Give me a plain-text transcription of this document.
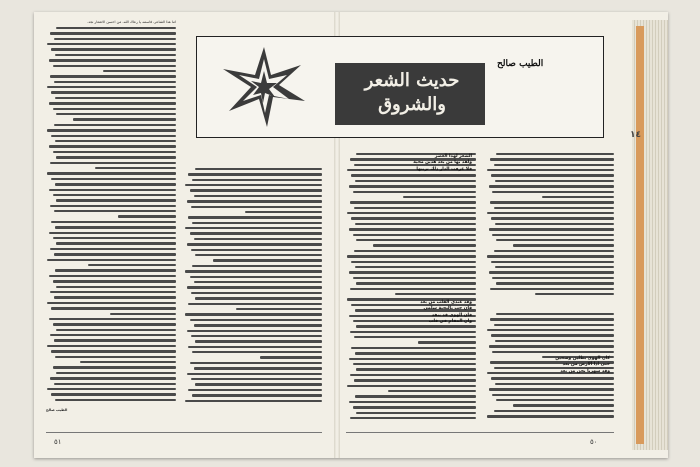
١٤
اما هذا الشاعر، فاسمه يا رعاك الله، من احسن الاشعار نجد.
الطيب صالح
٥١
الشعر لهذا العصر
ولقد بها من بعد هذين محبة
فلا عرفت الدار ذلك تربتها
وقد عندي القلب من بعد
فان حب بالتحية سلمي
فان الهوى قد ينفد
وان المقام في قلب
كان الهوى بطلين وصحين
حتى اذا الارض من بعد
وقد سهرنا نحن من بعد
٥٠
حديث الشعر والشروق
الطيب صالح
